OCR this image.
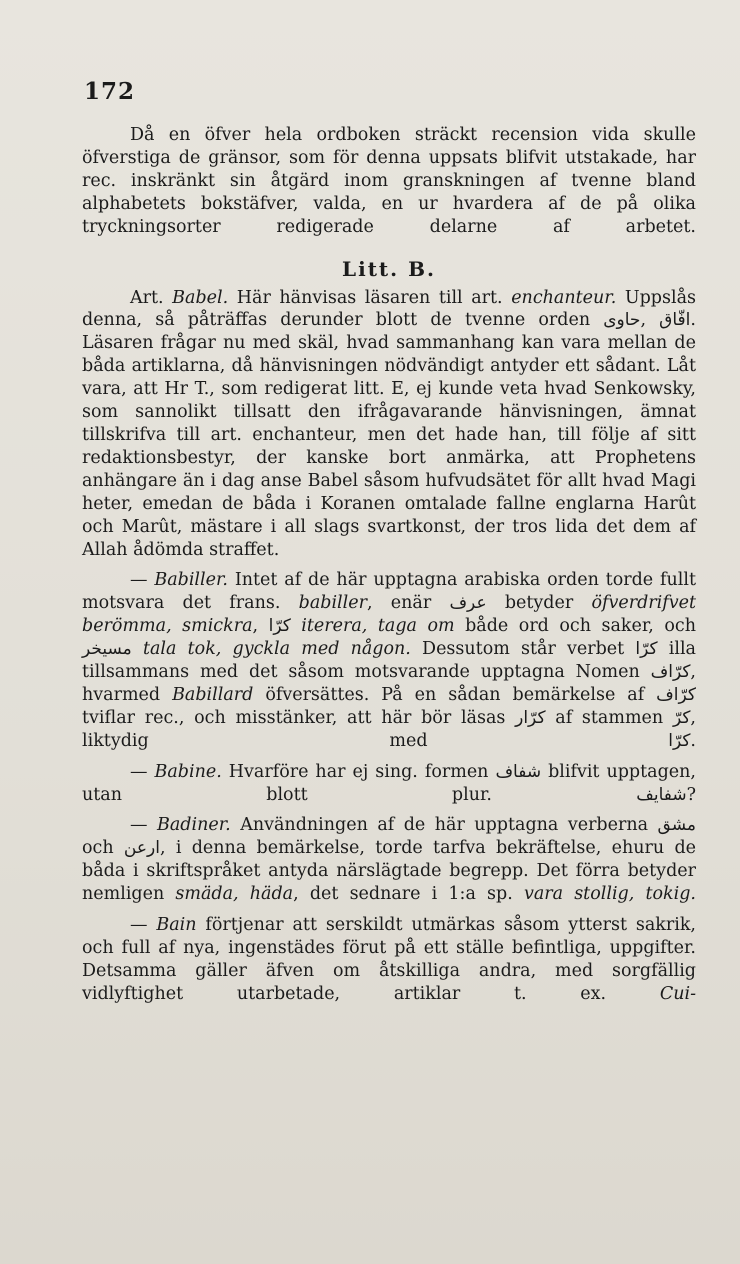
172

Då en öfver hela ordboken sträckt recension vida skulle öfverstiga de gränsor, som för denna uppsats blifvit utstakade, har rec. inskränkt sin åtgärd inom granskningen af tvenne bland alphabetets bokstäfver, valda, en ur hvardera af de på olika tryckningsorter redigerade delarne af arbetet.

Litt. B.

Art. Babel. Här hänvisas läsaren till art. enchanteur. Uppslås denna, så påträffas derunder blott de tvenne orden حاوی, افّاق. Läsaren frågar nu med skäl, hvad sammanhang kan vara mellan de båda artiklarna, då hänvisningen nödvändigt antyder ett sådant. Låt vara, att Hr T., som redigerat litt. E, ej kunde veta hvad Senkowsky, som sannolikt tillsatt den ifrågavarande hänvisningen, ämnat tillskrifva till art. enchanteur, men det hade han, till följe af sitt redaktionsbestyr, der kanske bort anmärka, att Prophetens anhängare än i dag anse Babel såsom hufvudsätet för allt hvad Magi heter, emedan de båda i Koranen omtalade fallne englarna Harût och Marût, mästare i all slags svartkonst, der tros lida det dem af Allah ådömda straffet.

— Babiller. Intet af de här upptagna arabiska orden torde fullt motsvara det frans. babiller, enär عرف betyder öfverdrifvet berömma, smickra, كرّا iterera, taga om både ord och saker, och مسیخر tala tok, gyckla med någon. Dessutom står verbet كرّا illa tillsammans med det såsom motsvarande upptagna Nomen كرّاف, hvarmed Babillard öfversättes. På en sådan bemärkelse af كرّاف tviflar rec., och misstänker, att här bör läsas كرّار af stammen كرّ, liktydig med كرّا.

— Babine. Hvarföre har ej sing. formen شفاف blifvit upptagen, utan blott plur. شفایف?

— Badiner. Användningen af de här upptagna verberna مشق och ارعن, i denna bemärkelse, torde tarfva bekräftelse, ehuru de båda i skriftspråket antyda närslägtade begrepp. Det förra betyder nemligen smäda, häda, det sednare i 1:a sp. vara stollig, tokig.

— Bain förtjenar att serskildt utmärkas såsom ytterst sakrik, och full af nya, ingenstädes förut på ett ställe befintliga, uppgifter. Detsamma gäller äfven om åtskilliga andra, med sorgfällig vidlyftighet utarbetade, artiklar t. ex. Cui-
